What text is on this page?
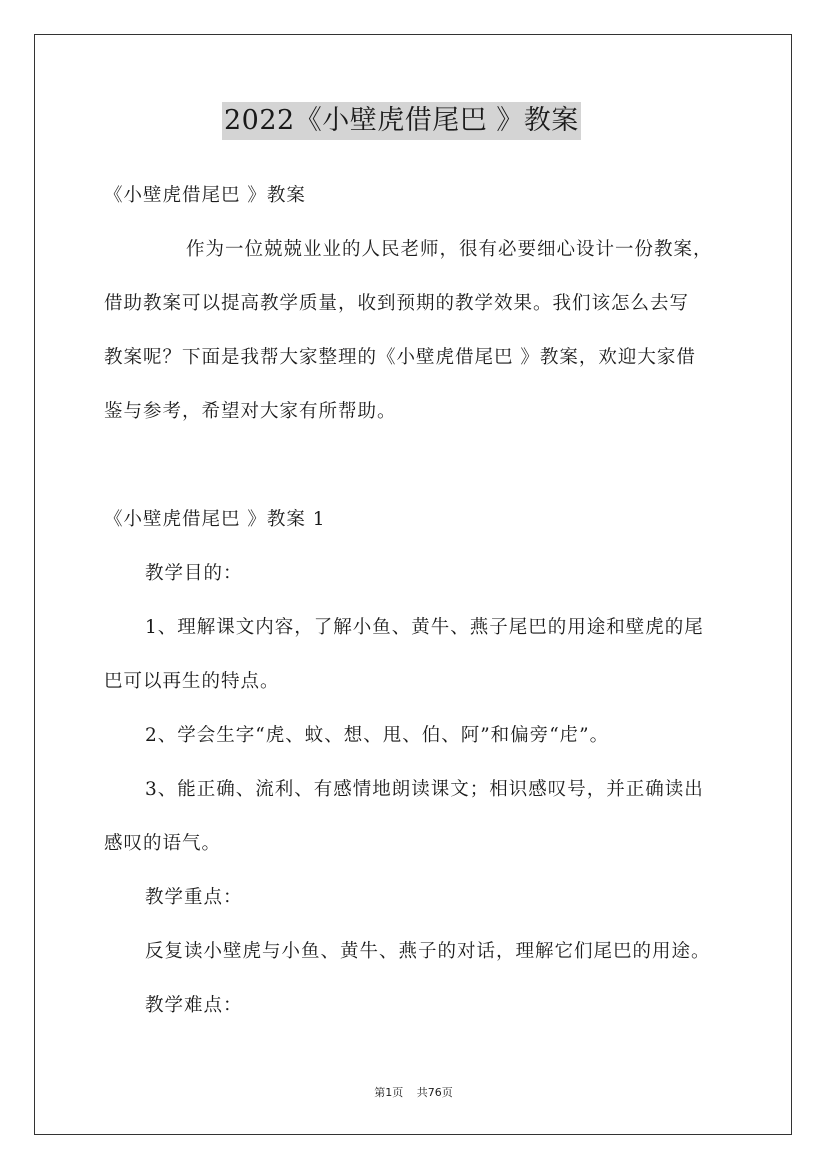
2022《小壁虎借尾巴 》教案
《小壁虎借尾巴 》教案
作为一位兢兢业业的人民老师，很有必要细心设计一份教案，
借助教案可以提高教学质量，收到预期的教学效果。我们该怎么去写
教案呢？下面是我帮大家整理的《小壁虎借尾巴 》教案，欢迎大家借
鉴与参考，希望对大家有所帮助。
《小壁虎借尾巴 》教案 1
教学目的：
1、理解课文内容，了解小鱼、黄牛、燕子尾巴的用途和壁虎的尾
巴可以再生的特点。
2、学会生字“虎、蚊、想、甩、伯、阿”和偏旁“虍”。
3、能正确、流利、有感情地朗读课文；相识感叹号，并正确读出
感叹的语气。
教学重点：
反复读小壁虎与小鱼、黄牛、燕子的对话，理解它们尾巴的用途。
教学难点：
第1页 共76页
